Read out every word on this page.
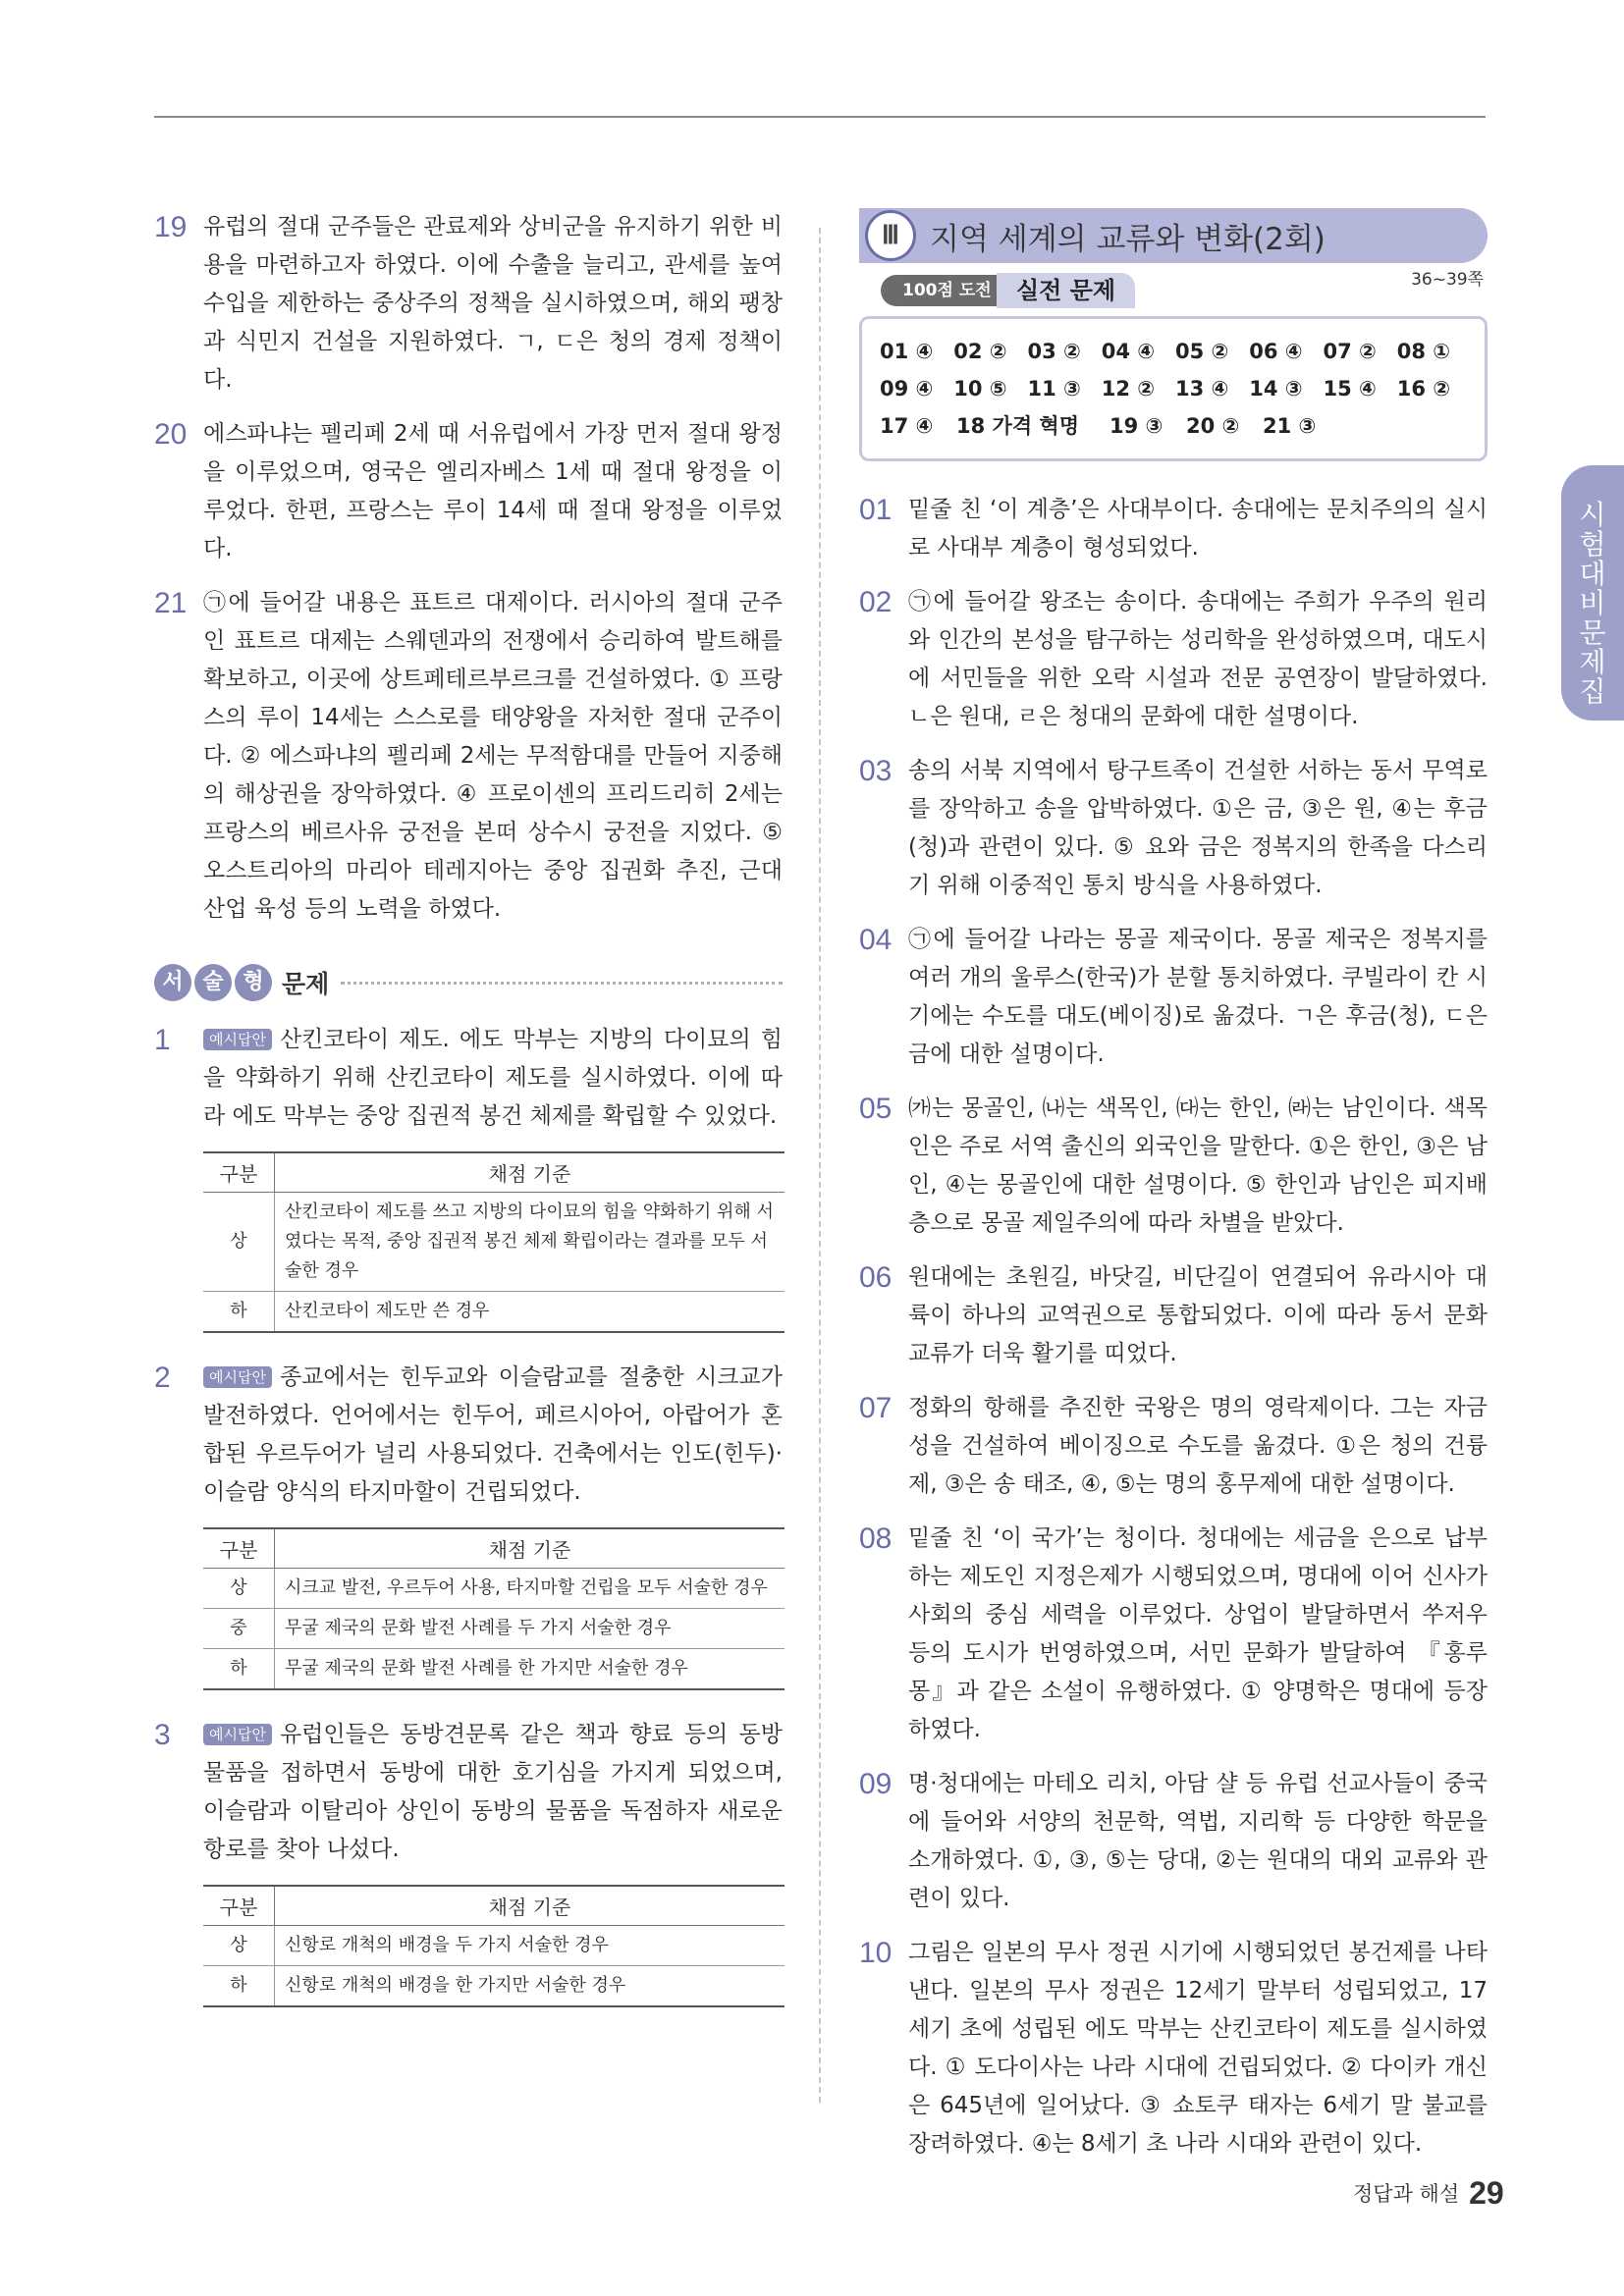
19 유럽의 절대 군주들은 관료제와 상비군을 유지하기 위한 비용을 마련하고자 하였다. 이에 수출을 늘리고, 관세를 높여 수입을 제한하는 중상주의 정책을 실시하였으며, 해외 팽창과 식민지 건설을 지원하였다. ㄱ, ㄷ은 청의 경제 정책이다.
20 에스파냐는 펠리페 2세 때 서유럽에서 가장 먼저 절대 왕정을 이루었으며, 영국은 엘리자베스 1세 때 절대 왕정을 이루었다. 한편, 프랑스는 루이 14세 때 절대 왕정을 이루었다.
21 ㉠에 들어갈 내용은 표트르 대제이다. 러시아의 절대 군주인 표트르 대제는 스웨덴과의 전쟁에서 승리하여 발트해를 확보하고, 이곳에 상트페테르부르크를 건설하였다. ① 프랑스의 루이 14세는 스스로를 태양왕을 자처한 절대 군주이다. ② 에스파냐의 펠리페 2세는 무적함대를 만들어 지중해의 해상권을 장악하였다. ④ 프로이센의 프리드리히 2세는 프랑스의 베르사유 궁전을 본떠 상수시 궁전을 지었다. ⑤ 오스트리아의 마리아 테레지아는 중앙 집권화 추진, 근대 산업 육성 등의 노력을 하였다.
서 술 형 문제
1	예시답안 산킨코타이 제도. 에도 막부는 지방의 다이묘의 힘을 약화하기 위해 산킨코타이 제도를 실시하였다. 이에 따라 에도 막부는 중앙 집권적 봉건 체제를 확립할 수 있었다.
구분	채점 기준
상	산킨코타이 제도를 쓰고 지방의 다이묘의 힘을 약화하기 위해 서였다는 목적, 중앙 집권적 봉건 체제 확립이라는 결과를 모두 서술한 경우
하	산킨코타이 제도만 쓴 경우
2	예시답안 종교에서는 힌두교와 이슬람교를 절충한 시크교가 발전하였다. 언어에서는 힌두어, 페르시아어, 아랍어가 혼합된 우르두어가 널리 사용되었다. 건축에서는 인도(힌두)·이슬람 양식의 타지마할이 건립되었다.
구분	채점 기준
상	시크교 발전, 우르두어 사용, 타지마할 건립을 모두 서술한 경우
중	무굴 제국의 문화 발전 사례를 두 가지 서술한 경우
하	무굴 제국의 문화 발전 사례를 한 가지만 서술한 경우
3	예시답안 유럽인들은 동방견문록 같은 책과 향료 등의 동방 물품을 접하면서 동방에 대한 호기심을 가지게 되었으며, 이슬람과 이탈리아 상인이 동방의 물품을 독점하자 새로운 항로를 찾아 나섰다.
구분	채점 기준
상	신항로 개척의 배경을 두 가지 서술한 경우
하	신항로 개척의 배경을 한 가지만 서술한 경우
Ⅲ	지역 세계의 교류와 변화(2회)
100점 도전	실전 문제	36~39쪽
01 ④ 02 ② 03 ② 04 ④ 05 ② 06 ④ 07 ② 08 ①
09 ④ 10 ⑤ 11 ③ 12 ② 13 ④ 14 ③ 15 ④ 16 ②
17 ④	18 가격 혁명	19 ③	20 ②	21 ③
01 밑줄 친 ‘이 계층’은 사대부이다. 송대에는 문치주의의 실시로 사대부 계층이 형성되었다.
02 ㉠에 들어갈 왕조는 송이다. 송대에는 주희가 우주의 원리와 인간의 본성을 탐구하는 성리학을 완성하였으며, 대도시에 서민들을 위한 오락 시설과 전문 공연장이 발달하였다. ㄴ은 원대, ㄹ은 청대의 문화에 대한 설명이다.
03 송의 서북 지역에서 탕구트족이 건설한 서하는 동서 무역로를 장악하고 송을 압박하였다. ①은 금, ③은 원, ④는 후금(청)과 관련이 있다. ⑤ 요와 금은 정복지의 한족을 다스리기 위해 이중적인 통치 방식을 사용하였다.
04 ㉠에 들어갈 나라는 몽골 제국이다. 몽골 제국은 정복지를 여러 개의 울루스(한국)가 분할 통치하였다. 쿠빌라이 칸 시기에는 수도를 대도(베이징)로 옮겼다. ㄱ은 후금(청), ㄷ은 금에 대한 설명이다.
05 ㈎는 몽골인, ㈏는 색목인, ㈐는 한인, ㈑는 남인이다. 색목인은 주로 서역 출신의 외국인을 말한다. ①은 한인, ③은 남인, ④는 몽골인에 대한 설명이다. ⑤ 한인과 남인은 피지배층으로 몽골 제일주의에 따라 차별을 받았다.
06 원대에는 초원길, 바닷길, 비단길이 연결되어 유라시아 대륙이 하나의 교역권으로 통합되었다. 이에 따라 동서 문화 교류가 더욱 활기를 띠었다.
07 정화의 항해를 추진한 국왕은 명의 영락제이다. 그는 자금성을 건설하여 베이징으로 수도를 옮겼다. ①은 청의 건륭제, ③은 송 태조, ④, ⑤는 명의 홍무제에 대한 설명이다.
08 밑줄 친 ‘이 국가’는 청이다. 청대에는 세금을 은으로 납부하는 제도인 지정은제가 시행되었으며, 명대에 이어 신사가 사회의 중심 세력을 이루었다. 상업이 발달하면서 쑤저우 등의 도시가 번영하였으며, 서민 문화가 발달하여 『홍루몽』과 같은 소설이 유행하였다. ① 양명학은 명대에 등장하였다.
09 명·청대에는 마테오 리치, 아담 샬 등 유럽 선교사들이 중국에 들어와 서양의 천문학, 역법, 지리학 등 다양한 학문을 소개하였다. ①, ③, ⑤는 당대, ②는 원대의 대외 교류와 관련이 있다.
10 그림은 일본의 무사 정권 시기에 시행되었던 봉건제를 나타낸다. 일본의 무사 정권은 12세기 말부터 성립되었고, 17세기 초에 성립된 에도 막부는 산킨코타이 제도를 실시하였다. ① 도다이사는 나라 시대에 건립되었다. ② 다이카 개신은 645년에 일어났다. ③ 쇼토쿠 태자는 6세기 말 불교를 장려하였다. ④는 8세기 초 나라 시대와 관련이 있다.
시
험
대
비
문
제
집
정답과 해설 29
